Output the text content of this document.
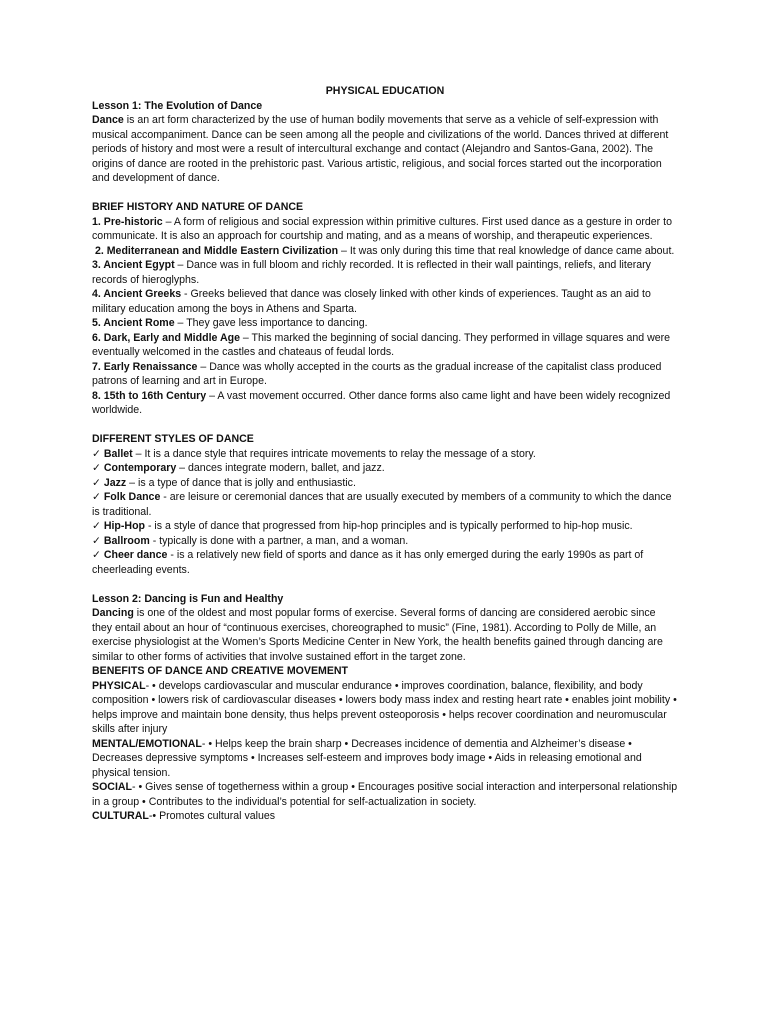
PHYSICAL EDUCATION

Lesson 1: The Evolution of Dance

Dance is an art form characterized by the use of human bodily movements that serve as a vehicle of self-expression with musical accompaniment. Dance can be seen among all the people and civilizations of the world. Dances thrived at different periods of history and most were a result of intercultural exchange and contact (Alejandro and Santos-Gana, 2002). The origins of dance are rooted in the prehistoric past. Various artistic, religious, and social forces started out the incorporation and development of dance.

BRIEF HISTORY AND NATURE OF DANCE

1. Pre-historic – A form of religious and social expression within primitive cultures. First used dance as a gesture in order to communicate. It is also an approach for courtship and mating, and as a means of worship, and therapeutic experiences.

2. Mediterranean and Middle Eastern Civilization – It was only during this time that real knowledge of dance came about.

3. Ancient Egypt – Dance was in full bloom and richly recorded. It is reflected in their wall paintings, reliefs, and literary records of hieroglyphs.

4. Ancient Greeks - Greeks believed that dance was closely linked with other kinds of experiences. Taught as an aid to military education among the boys in Athens and Sparta.

5. Ancient Rome – They gave less importance to dancing.

6. Dark, Early and Middle Age – This marked the beginning of social dancing. They performed in village squares and were eventually welcomed in the castles and chateaus of feudal lords.

7. Early Renaissance – Dance was wholly accepted in the courts as the gradual increase of the capitalist class produced patrons of learning and art in Europe.

8. 15th to 16th Century – A vast movement occurred. Other dance forms also came light and have been widely recognized worldwide.

DIFFERENT STYLES OF DANCE

✓ Ballet – It is a dance style that requires intricate movements to relay the message of a story.

✓ Contemporary – dances integrate modern, ballet, and jazz.

✓ Jazz – is a type of dance that is jolly and enthusiastic.

✓ Folk Dance - are leisure or ceremonial dances that are usually executed by members of a community to which the dance is traditional.

✓ Hip-Hop - is a style of dance that progressed from hip-hop principles and is typically performed to hip-hop music.

✓ Ballroom - typically is done with a partner, a man, and a woman.

✓ Cheer dance - is a relatively new field of sports and dance as it has only emerged during the early 1990s as part of cheerleading events.

Lesson 2: Dancing is Fun and Healthy

Dancing is one of the oldest and most popular forms of exercise. Several forms of dancing are considered aerobic since they entail about an hour of “continuous exercises, choreographed to music” (Fine, 1981). According to Polly de Mille, an exercise physiologist at the Women’s Sports Medicine Center in New York, the health benefits gained through dancing are similar to other forms of activities that involve sustained effort in the target zone.

BENEFITS OF DANCE AND CREATIVE MOVEMENT

PHYSICAL- • develops cardiovascular and muscular endurance • improves coordination, balance, flexibility, and body composition • lowers risk of cardiovascular diseases • lowers body mass index and resting heart rate • enables joint mobility • helps improve and maintain bone density, thus helps prevent osteoporosis • helps recover coordination and neuromuscular skills after injury

MENTAL/EMOTIONAL- • Helps keep the brain sharp • Decreases incidence of dementia and Alzheimer’s disease • Decreases depressive symptoms • Increases self-esteem and improves body image • Aids in releasing emotional and physical tension.

SOCIAL- • Gives sense of togetherness within a group • Encourages positive social interaction and interpersonal relationship in a group • Contributes to the individual’s potential for self-actualization in society.

CULTURAL-• Promotes cultural values
